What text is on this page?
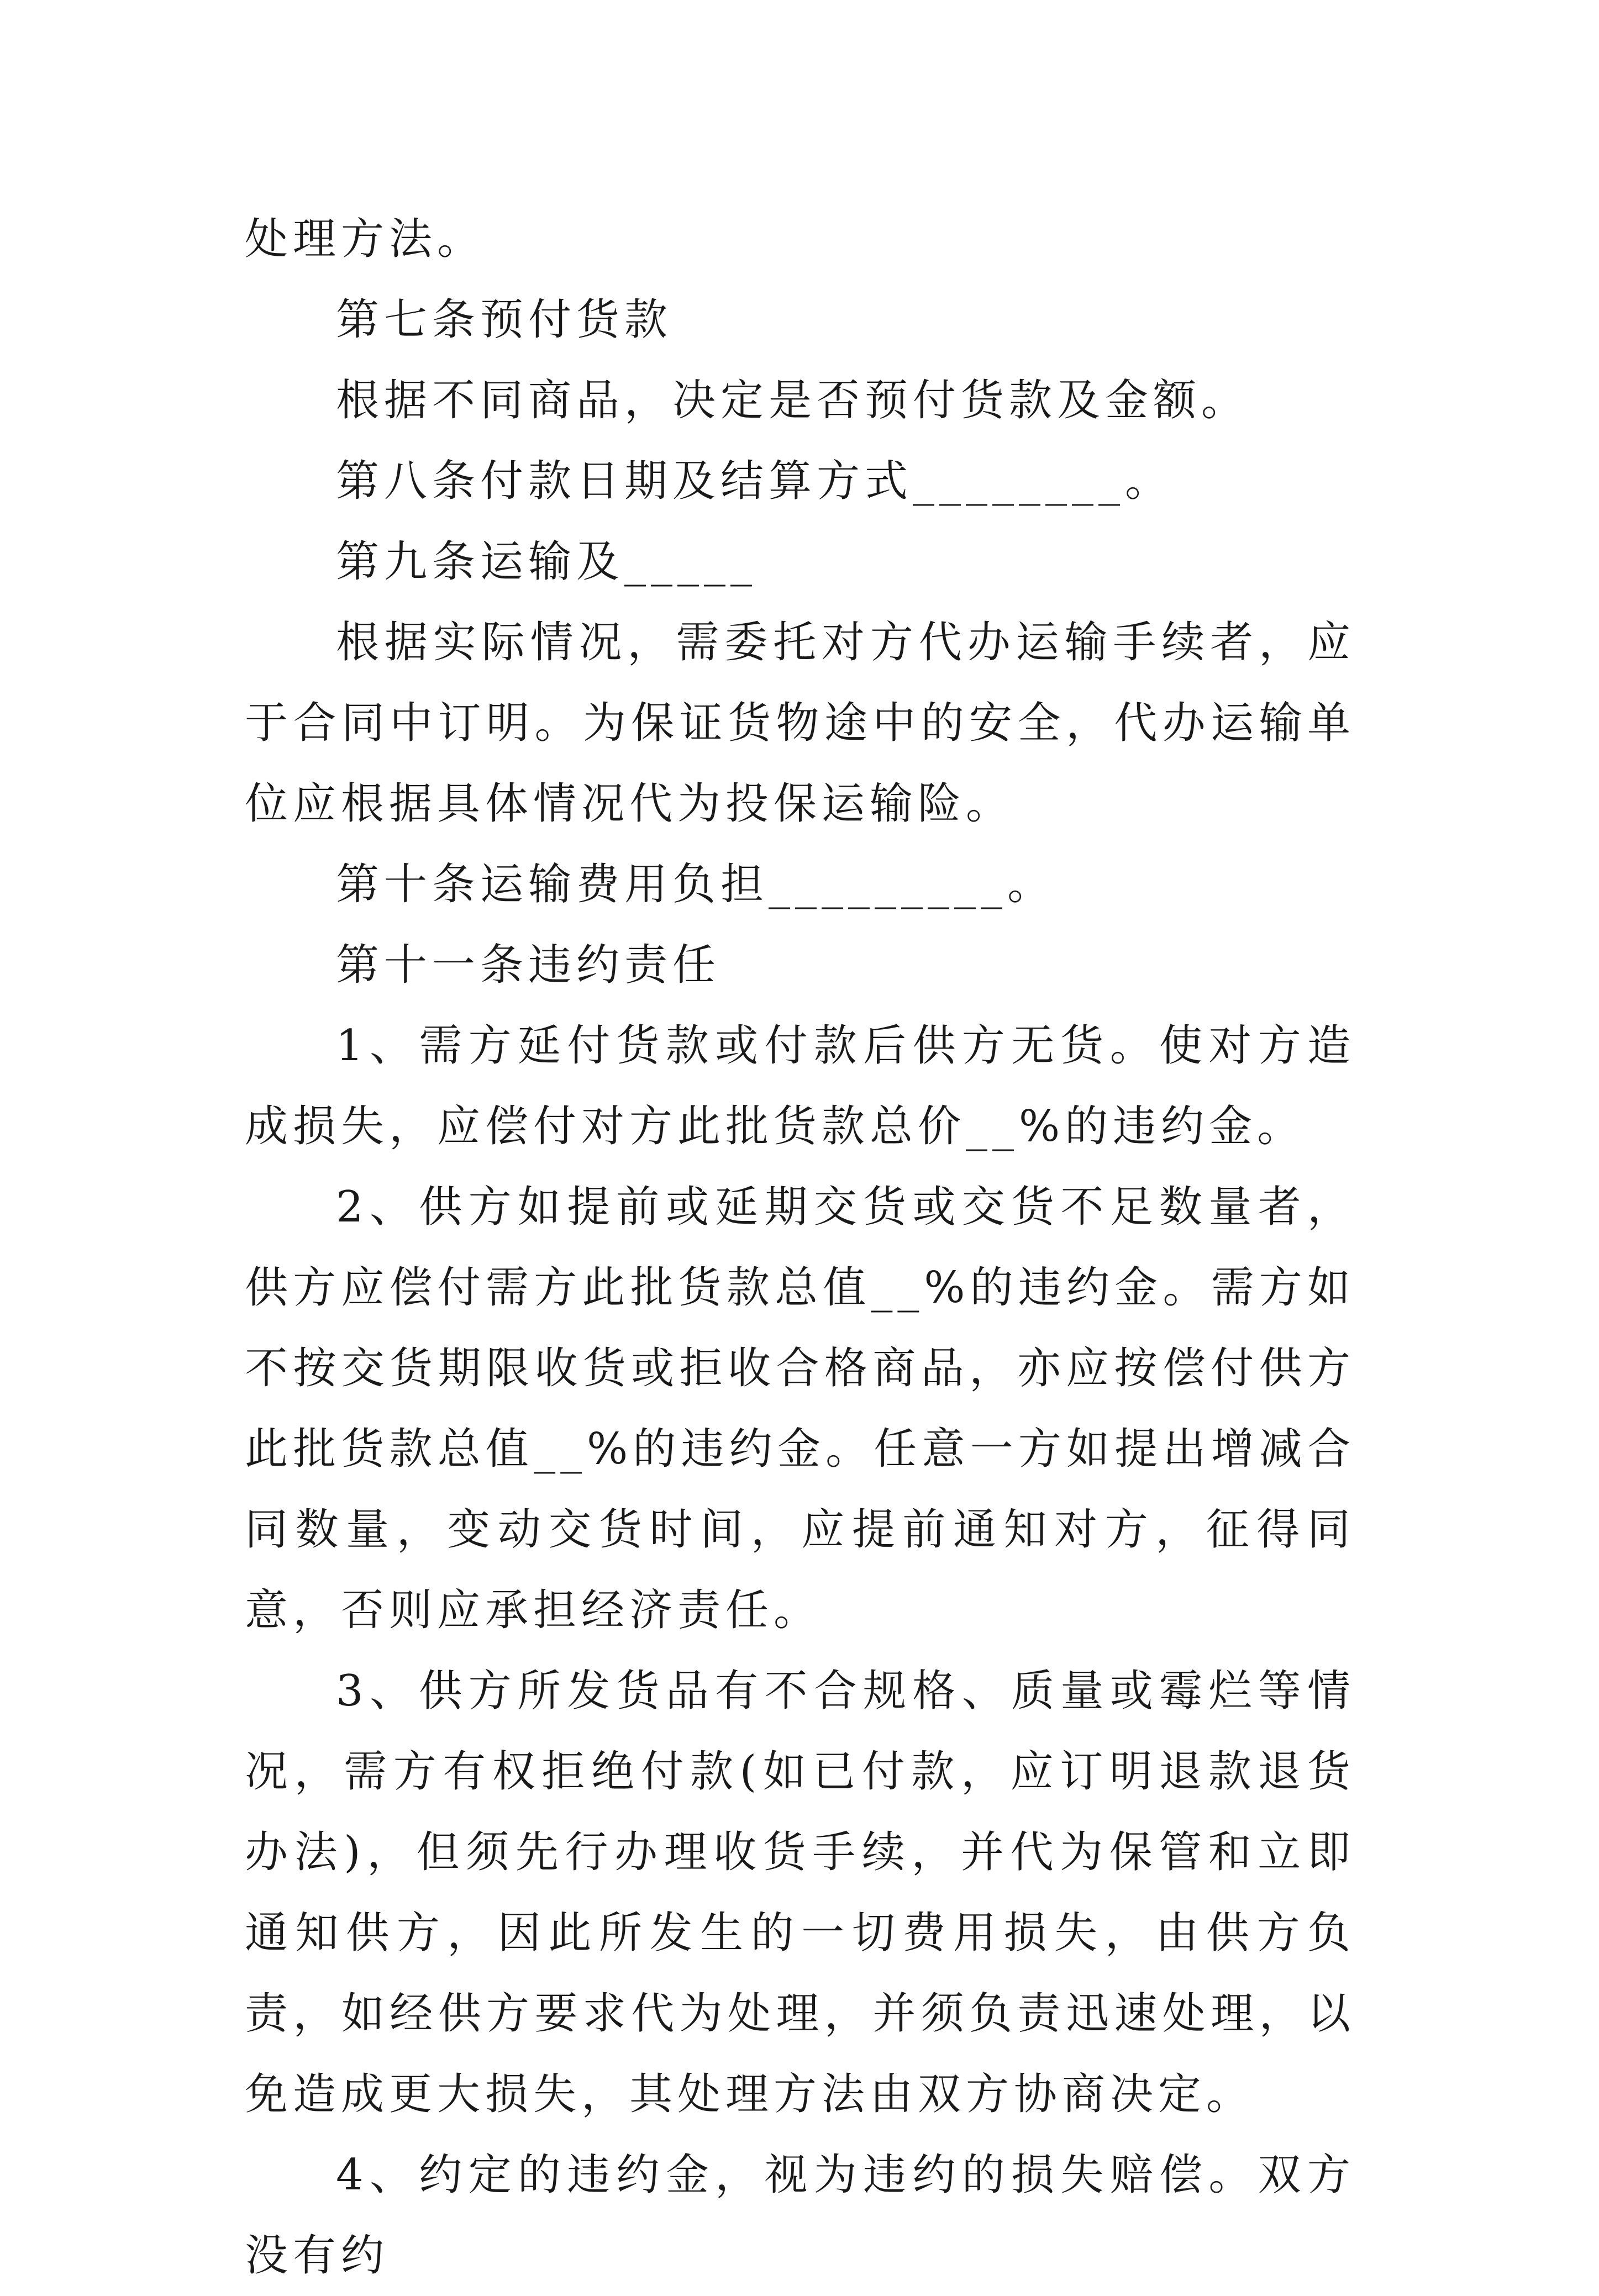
处理方法。

第七条预付货款

根据不同商品，决定是否预付货款及金额。

第八条付款日期及结算方式________。

第九条运输及_____

根据实际情况，需委托对方代办运输手续者，应于合同中订明。为保证货物途中的安全，代办运输单位应根据具体情况代为投保运输险。

第十条运输费用负担_________。

第十一条违约责任

1、需方延付货款或付款后供方无货。使对方造成损失，应偿付对方此批货款总价__%的违约金。

2、供方如提前或延期交货或交货不足数量者，供方应偿付需方此批货款总值__%的违约金。需方如不按交货期限收货或拒收合格商品，亦应按偿付供方此批货款总值__%的违约金。任意一方如提出增减合同数量，变动交货时间，应提前通知对方，征得同意，否则应承担经济责任。

3、供方所发货品有不合规格、质量或霉烂等情况，需方有权拒绝付款(如已付款，应订明退款退货办法)，但须先行办理收货手续，并代为保管和立即通知供方，因此所发生的一切费用损失，由供方负责，如经供方要求代为处理，并须负责迅速处理，以免造成更大损失，其处理方法由双方协商决定。

4、约定的违约金，视为违约的损失赔偿。双方没有约
